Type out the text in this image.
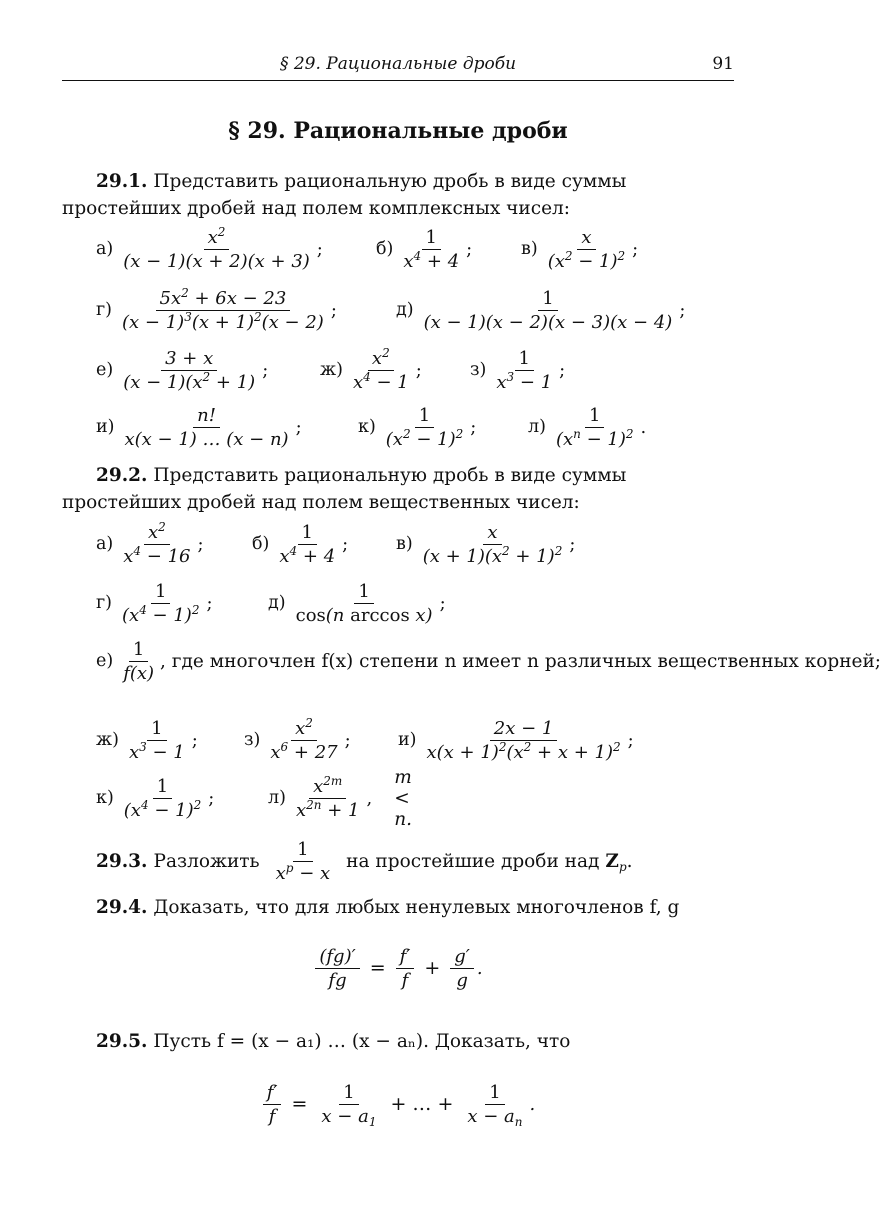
§ 29. Рациональные дроби	91
§ 29. Рациональные дроби
29.1. Представить рациональную дробь в виде суммы простейших дробей над полем комплексных чисел:
$а) \frac{x^2}{(x - 1)(x + 2)(x + 3)}$ ;	$б) \frac{1}{x^4 + 4}$ ;	$в) \frac{x}{(x^2 - 1)^2}$ ;
$г) \frac{5x^2 + 6x - 23}{(x - 1)^3(x + 1)^2(x - 2)}$ ;	$д) \frac{1}{(x - 1)(x - 2)(x - 3)(x - 4)}$ ;
$е) \frac{3 + x}{(x - 1)(x^2 + 1)}$ ;	$ж) \frac{x^2}{x^4 - 1}$ ;	$з) \frac{1}{x^3 - 1}$ ;
$и) \frac{n!}{x(x - 1) \dots (x - n)}$ ;	$к) \frac{1}{(x^2 - 1)^2}$ ;	$л) \frac{1}{(x^n - 1)^2}$ .
29.2. Представить рациональную дробь в виде суммы простейших дробей над полем вещественных чисел:
$а) \frac{x^2}{x^4 - 16}$ ;	$б) \frac{1}{x^4 + 4}$ ;	$в) \frac{x}{(x + 1)(x^2 + 1)^2}$ ;
$г) \frac{1}{(x^4 - 1)^2}$ ;	$д) \frac{1}{\text{cos(n arccos x)}}$ ;
$е) \frac{1}{f(x)}$ , где многочлен f(x) степени n имеет n различных вещественных корней;
$ж) \frac{1}{x^3 - 1}$ ;	$з) \frac{x^2}{x^6 + 27}$ ;	$и) \frac{2x - 1}{x(x + 1)^2(x^2 + x + 1)^2}$ ;
$к) \frac{1}{(x^4 - 1)^2}$ ;	$л) \frac{x^{2m}}{x^{2n} + 1}$ ,
m < n.
29.3. Разложить $\frac{1}{x^p - x}$ на простейшие дроби над $Z_p$.
29.4. Доказать, что для любых ненулевых многочленов f, g
$\frac{(fg)'}{fg} = \frac{f'}{f} + \frac{g'}{g}$ .
29.5. Пусть f = (x − a₁) … (x − aₙ). Доказать, что
$\frac{f'}{f} = \frac{1}{x - a_1}$ + … + $\frac{1}{x - a_n}$ .
